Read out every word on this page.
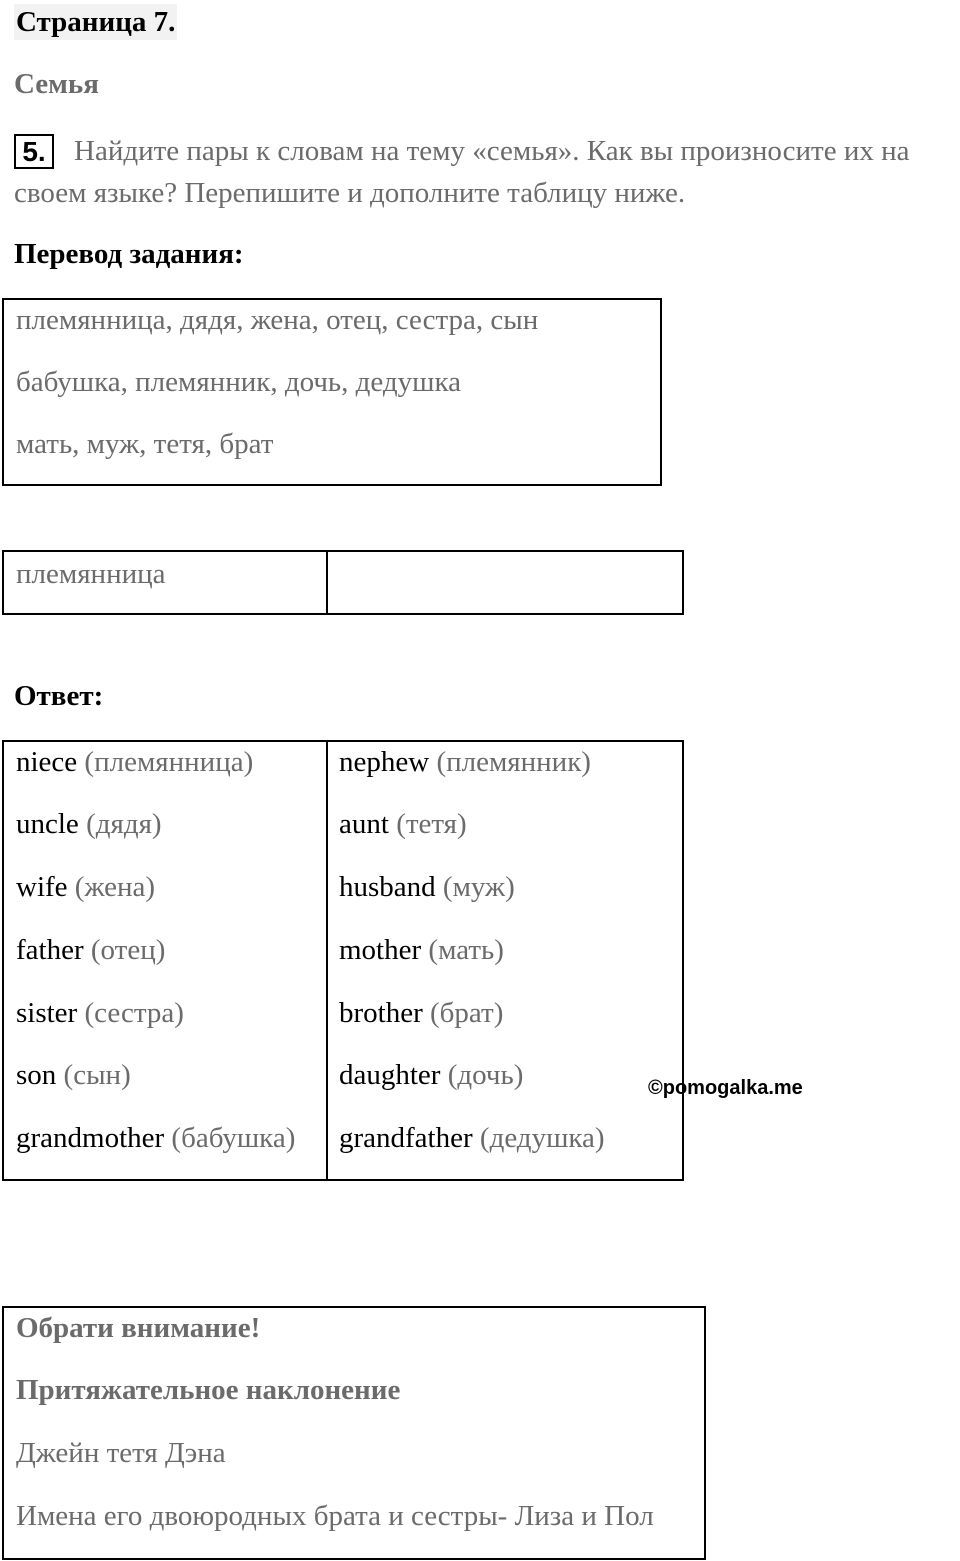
Страница 7.
Семья
5. Найдите пары к словам на тему «семья». Как вы произносите их на
своем языке? Перепишите и дополните таблицу ниже.
Перевод задания:
племянница, дядя, жена, отец, сестра, сын
бабушка, племянник, дочь, дедушка
мать, муж, тетя, брат
племянница
Ответ:
niece (племянница)
uncle (дядя)
wife (жена)
father (отец)
sister (сестра)
son (сын)
grandmother (бабушка)
nephew (племянник)
aunt (тетя)
husband (муж)
mother (мать)
brother (брат)
daughter (дочь)
grandfather (дедушка)
©pomogalka.me
Обрати внимание!
Притяжательное наклонение
Джейн тетя Дэна
Имена его двоюродных брата и сестры- Лиза и Пол
